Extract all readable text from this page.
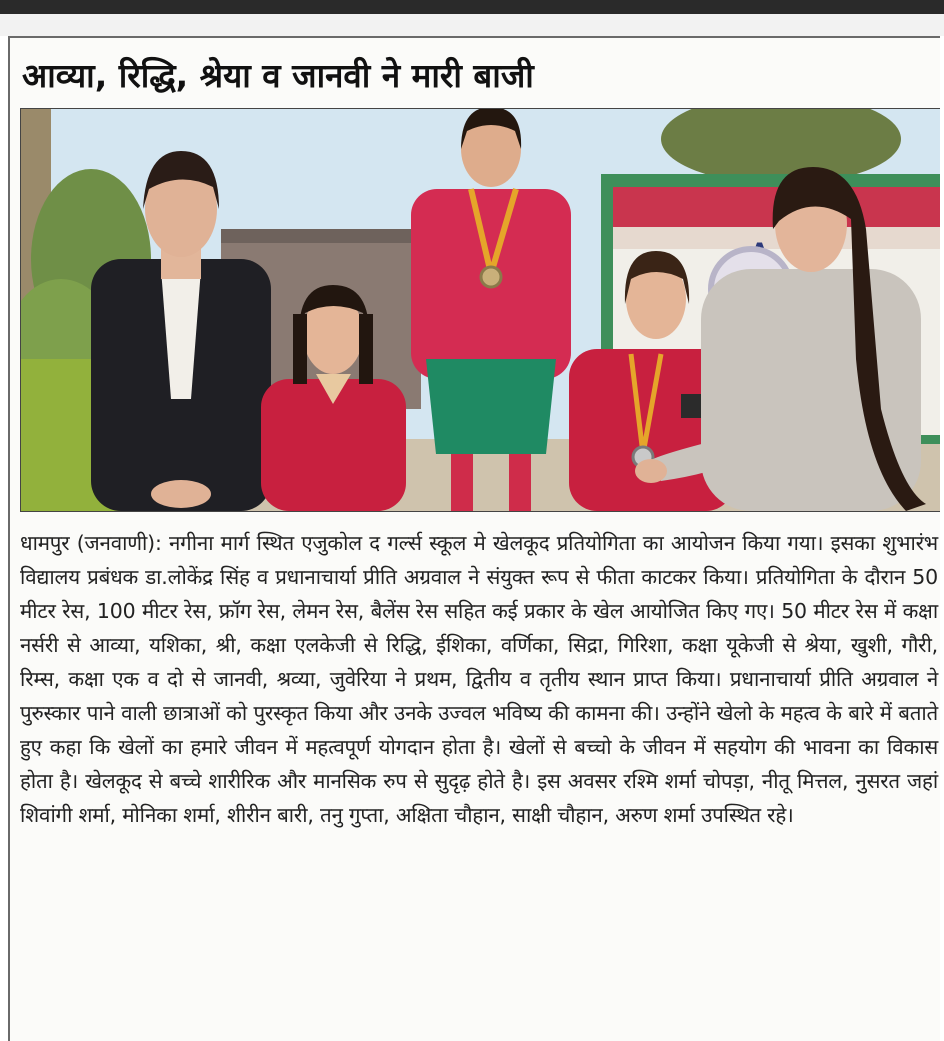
आव्या, रिद्धि, श्रेया व जानवी ने मारी बाजी

धामपुर (जनवाणी): नगीना मार्ग स्थित एजुकोल द गर्ल्स स्कूल मे खेलकूद प्रतियोगिता का आयोजन किया गया। इसका शुभारंभ विद्यालय प्रबंधक डा.लोकेंद्र सिंह व प्रधानाचार्या प्रीति अग्रवाल ने संयुक्त रूप से फीता काटकर किया। प्रतियोगिता के दौरान 50 मीटर रेस, 100 मीटर रेस, फ्रॉग रेस, लेमन रेस, बैलेंस रेस सहित कई प्रकार के खेल आयोजित किए गए। 50 मीटर रेस में कक्षा नर्सरी से आव्या, यशिका, श्री, कक्षा एलकेजी से रिद्धि, ईशिका, वर्णिका, सिद्रा, गिरिशा, कक्षा यूकेजी से श्रेया, खुशी, गौरी, रिम्स, कक्षा एक व दो से जानवी, श्रव्या, जुवेरिया ने प्रथम, द्वितीय व तृतीय स्थान प्राप्त किया। प्रधानाचार्या प्रीति अग्रवाल ने पुरुस्कार पाने वाली छात्राओं को पुरस्कृत किया और उनके उज्वल भविष्य की कामना की। उन्होंने खेलो के महत्व के बारे में बताते हुए कहा कि खेलों का हमारे जीवन में महत्वपूर्ण योगदान होता है। खेलों से बच्चो के जीवन में सहयोग की भावना का विकास होता है। खेलकूद से बच्चे शारीरिक और मानसिक रुप से सुदृढ़ होते है। इस अवसर रश्मि शर्मा चोपड़ा, नीतू मित्तल, नुसरत जहां शिवांगी शर्मा, मोनिका शर्मा, शीरीन बारी, तनु गुप्ता, अक्षिता चौहान, साक्षी चौहान, अरुण शर्मा उपस्थित रहे।
